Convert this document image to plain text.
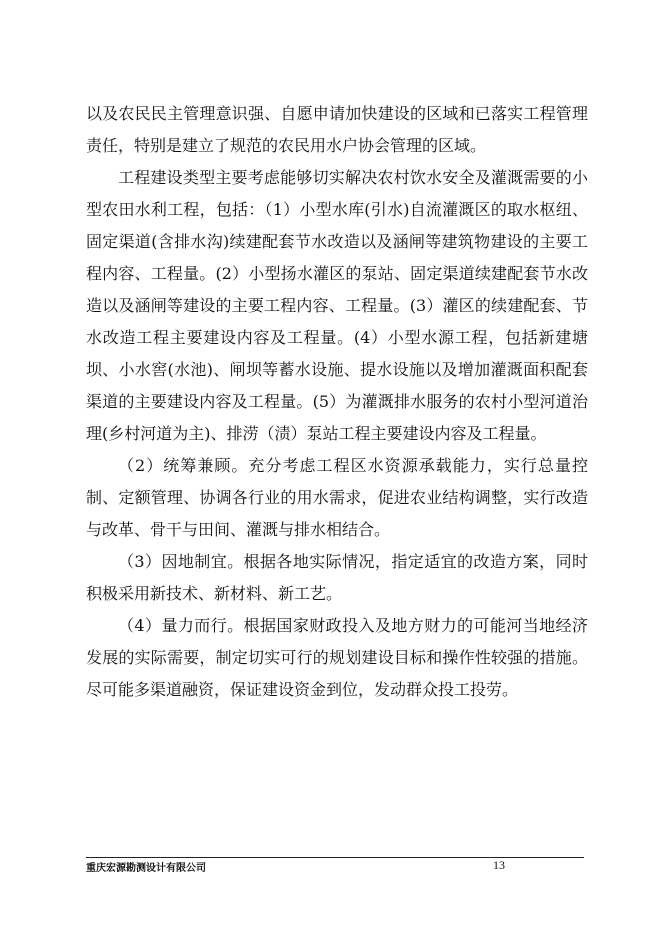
以及农民民主管理意识强、自愿申请加快建设的区域和已落实工程管理责任，特别是建立了规范的农民用水户协会管理的区域。

工程建设类型主要考虑能够切实解决农村饮水安全及灌溉需要的小型农田水利工程，包括：（1）小型水库(引水)自流灌溉区的取水枢纽、固定渠道(含排水沟)续建配套节水改造以及涵闸等建筑物建设的主要工程内容、工程量。(2）小型扬水灌区的泵站、固定渠道续建配套节水改造以及涵闸等建设的主要工程内容、工程量。(3）灌区的续建配套、节水改造工程主要建设内容及工程量。(4）小型水源工程，包括新建塘坝、小水窖(水池)、闸坝等蓄水设施、提水设施以及增加灌溉面积配套渠道的主要建设内容及工程量。(5）为灌溉排水服务的农村小型河道治理(乡村河道为主)、排涝（渍）泵站工程主要建设内容及工程量。

（2）统筹兼顾。充分考虑工程区水资源承载能力，实行总量控制、定额管理、协调各行业的用水需求，促进农业结构调整，实行改造与改革、骨干与田间、灌溉与排水相结合。

（3）因地制宜。根据各地实际情况，指定适宜的改造方案，同时积极采用新技术、新材料、新工艺。

（4）量力而行。根据国家财政投入及地方财力的可能河当地经济发展的实际需要，制定切实可行的规划建设目标和操作性较强的措施。尽可能多渠道融资，保证建设资金到位，发动群众投工投劳。

重庆宏源勘测设计有限公司	13
